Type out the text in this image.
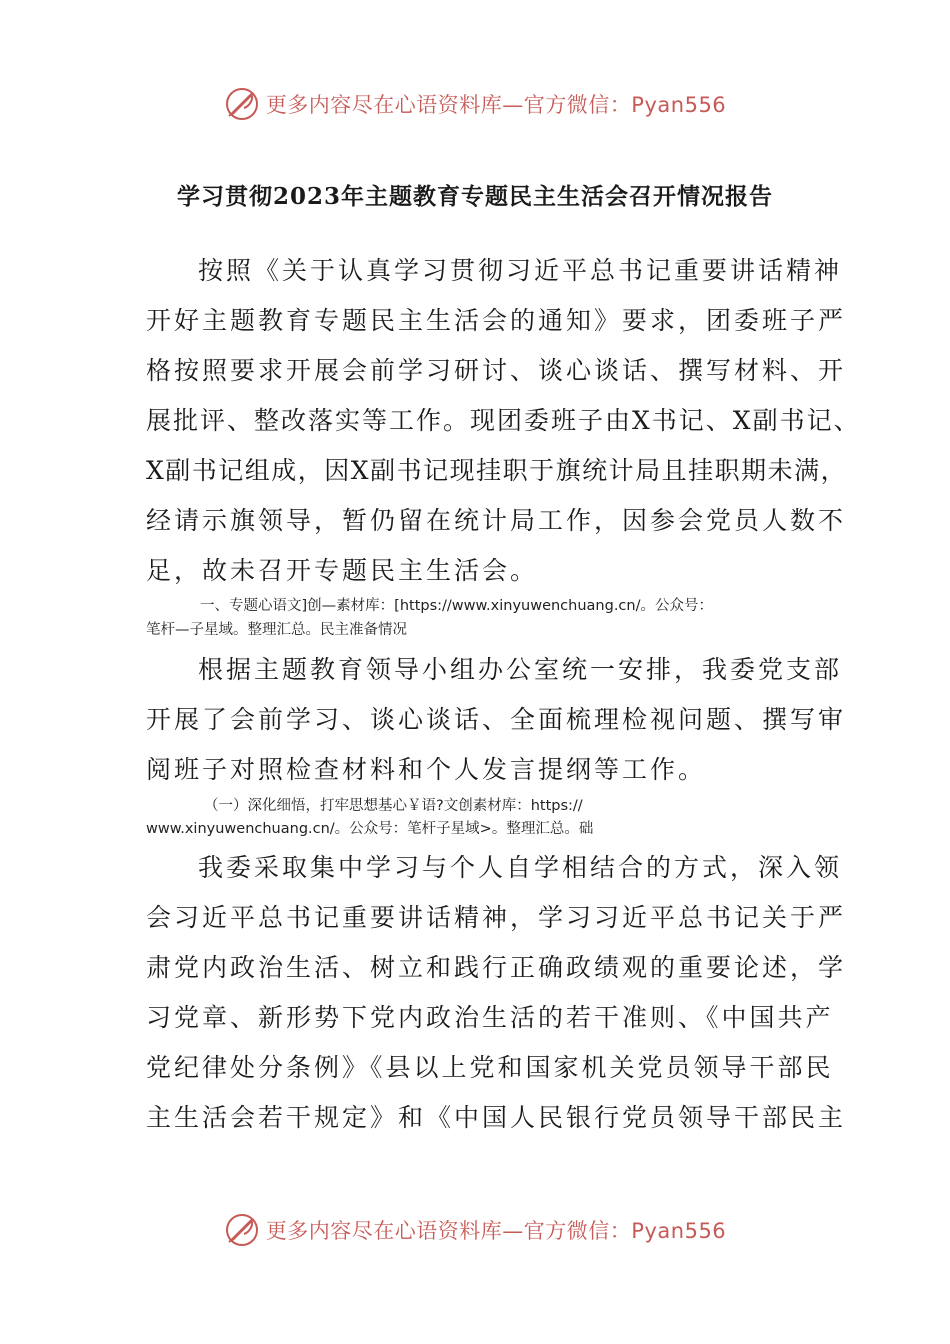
更多内容尽在心语资料库—官方微信：Pyan556
学习贯彻2023年主题教育专题民主生活会召开情况报告
按照《关于认真学习贯彻习近平总书记重要讲话精神
开好主题教育专题民主生活会的通知》要求，团委班子严
格按照要求开展会前学习研讨、谈心谈话、撰写材料、开
展批评、整改落实等工作。现团委班子由X书记、X副书记、
X副书记组成，因X副书记现挂职于旗统计局且挂职期未满，
经请示旗领导，暂仍留在统计局工作，因参会党员人数不
足，故未召开专题民主生活会。
一、专题心语文]创—素材库：[https://www.xinyuwenchuang.cn/。公众号：
笔杆—子星域。整理汇总。民主准备情况
根据主题教育领导小组办公室统一安排，我委党支部
开展了会前学习、谈心谈话、全面梳理检视问题、撰写审
阅班子对照检查材料和个人发言提纲等工作。
（一）深化细悟，打牢思想基心￥语?文创素材库：https://
www.xinyuwenchuang.cn/。公众号：笔杆子星域>。整理汇总。础
我委采取集中学习与个人自学相结合的方式，深入领
会习近平总书记重要讲话精神，学习习近平总书记关于严
肃党内政治生活、树立和践行正确政绩观的重要论述，学
习党章、新形势下党内政治生活的若干准则、《中国共产
党纪律处分条例》《县以上党和国家机关党员领导干部民
主生活会若干规定》和《中国人民银行党员领导干部民主
更多内容尽在心语资料库—官方微信：Pyan556
